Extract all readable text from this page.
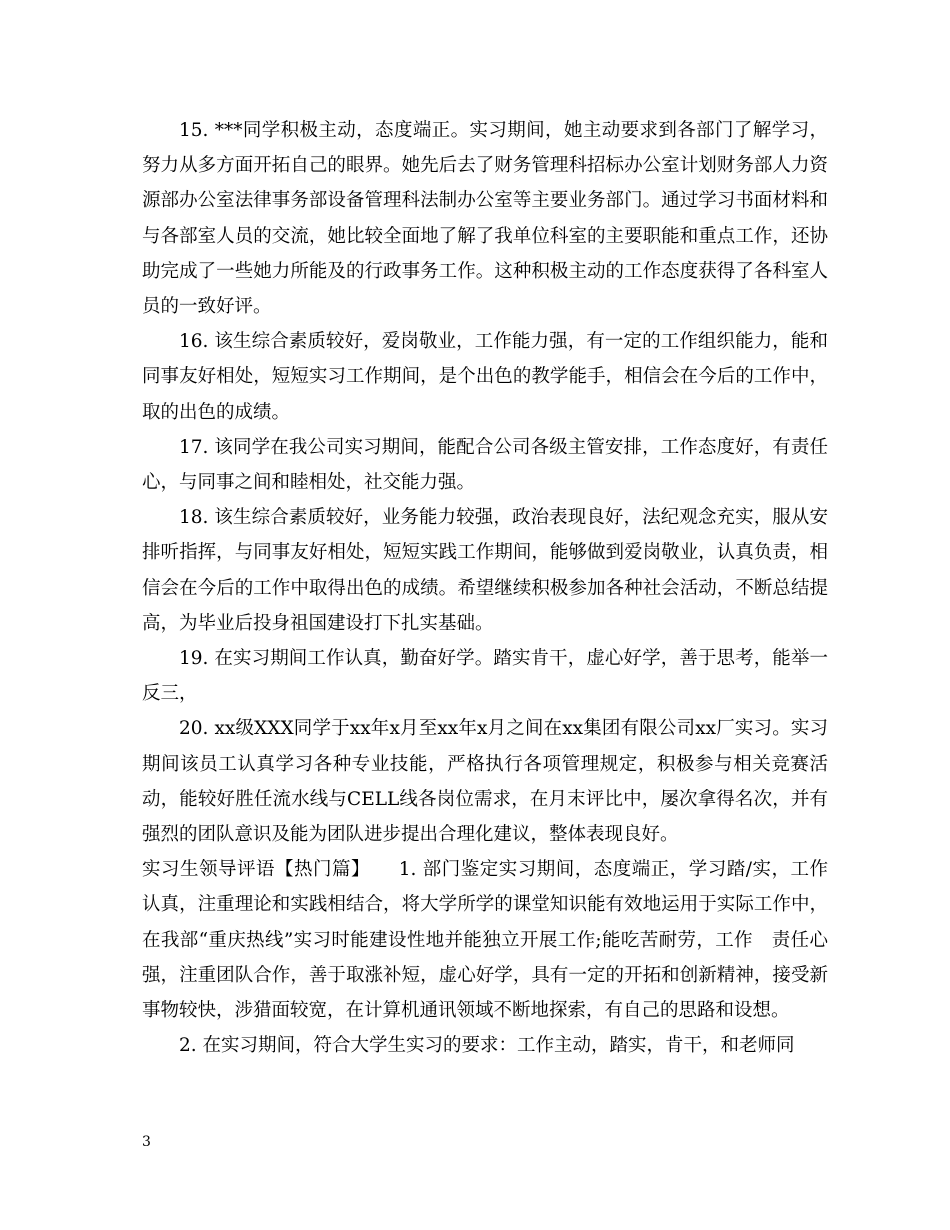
15. ***同学积极主动，态度端正。实习期间，她主动要求到各部门了解学习，努力从多方面开拓自己的眼界。她先后去了财务管理科招标办公室计划财务部人力资源部办公室法律事务部设备管理科法制办公室等主要业务部门。通过学习书面材料和与各部室人员的交流，她比较全面地了解了我单位科室的主要职能和重点工作，还协助完成了一些她力所能及的行政事务工作。这种积极主动的工作态度获得了各科室人员的一致好评。

16. 该生综合素质较好，爱岗敬业，工作能力强，有一定的工作组织能力，能和同事友好相处，短短实习工作期间，是个出色的教学能手，相信会在今后的工作中，取的出色的成绩。

17. 该同学在我公司实习期间，能配合公司各级主管安排，工作态度好，有责任心，与同事之间和睦相处，社交能力强。

18. 该生综合素质较好，业务能力较强，政治表现良好，法纪观念充实，服从安排听指挥，与同事友好相处，短短实践工作期间，能够做到爱岗敬业，认真负责，相信会在今后的工作中取得出色的成绩。希望继续积极参加各种社会活动，不断总结提高，为毕业后投身祖国建设打下扎实基础。

19. 在实习期间工作认真，勤奋好学。踏实肯干，虚心好学，善于思考，能举一反三，

20. xx级XXX同学于xx年x月至xx年x月之间在xx集团有限公司xx厂实习。实习期间该员工认真学习各种专业技能，严格执行各项管理规定，积极参与相关竞赛活动，能较好胜任流水线与CELL线各岗位需求，在月末评比中，屡次拿得名次，并有强烈的团队意识及能为团队进步提出合理化建议，整体表现良好。

实习生领导评语【热门篇】　　1. 部门鉴定实习期间，态度端正，学习踏/实，工作认真，注重理论和实践相结合，将大学所学的课堂知识能有效地运用于实际工作中，在我部“重庆热线”实习时能建设性地并能独立开展工作;能吃苦耐劳，工作　责任心强，注重团队合作，善于取涨补短，虚心好学，具有一定的开拓和创新精神，接受新事物较快，涉猎面较宽，在计算机通讯领域不断地探索，有自己的思路和设想。

2. 在实习期间，符合大学生实习的要求：工作主动，踏实，肯干，和老师同

3
